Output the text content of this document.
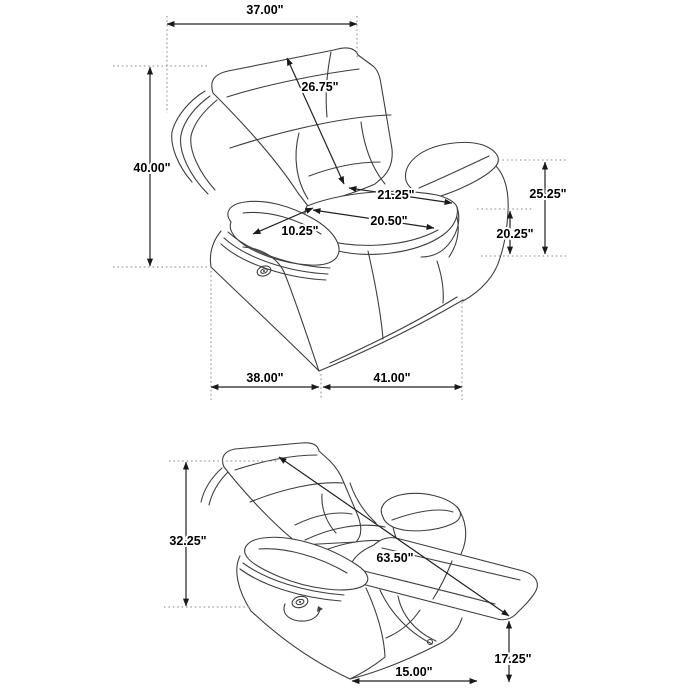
37.00"
40.00"
26.75"
21.25"
20.50"
10.25"
25.25"
20.25"
38.00"	41.00"
32.25"
63.50"
15.00"
17.25"
